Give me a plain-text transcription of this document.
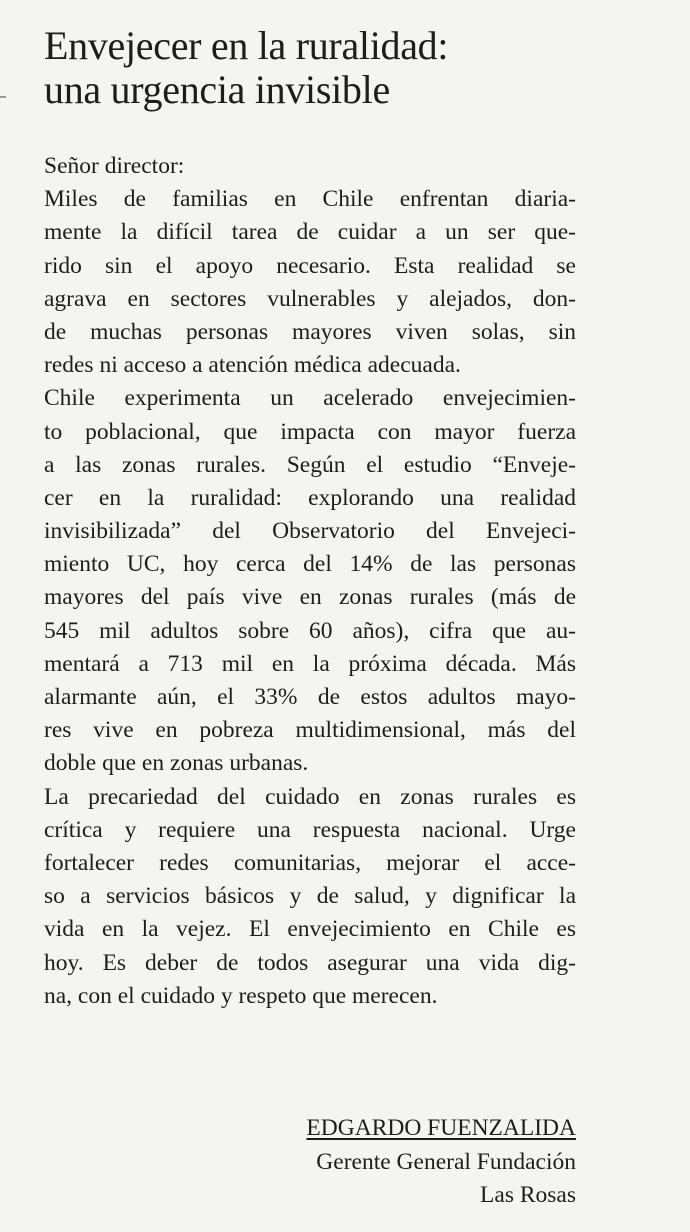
Envejecer en la ruralidad:
una urgencia invisible
Señor director:
Miles de familias en Chile enfrentan diaria-
mente la difícil tarea de cuidar a un ser que-
rido sin el apoyo necesario. Esta realidad se
agrava en sectores vulnerables y alejados, don-
de muchas personas mayores viven solas, sin
redes ni acceso a atención médica adecuada.
Chile experimenta un acelerado envejecimien-
to poblacional, que impacta con mayor fuerza
a las zonas rurales. Según el estudio “Enveje-
cer en la ruralidad: explorando una realidad
invisibilizada” del Observatorio del Envejeci-
miento UC, hoy cerca del 14% de las personas
mayores del país vive en zonas rurales (más de
545 mil adultos sobre 60 años), cifra que au-
mentará a 713 mil en la próxima década. Más
alarmante aún, el 33% de estos adultos mayo-
res vive en pobreza multidimensional, más del
doble que en zonas urbanas.
La precariedad del cuidado en zonas rurales es
crítica y requiere una respuesta nacional. Urge
fortalecer redes comunitarias, mejorar el acce-
so a servicios básicos y de salud, y dignificar la
vida en la vejez. El envejecimiento en Chile es
hoy. Es deber de todos asegurar una vida dig-
na, con el cuidado y respeto que merecen.
EDGARDO FUENZALIDA
Gerente General Fundación
Las Rosas
